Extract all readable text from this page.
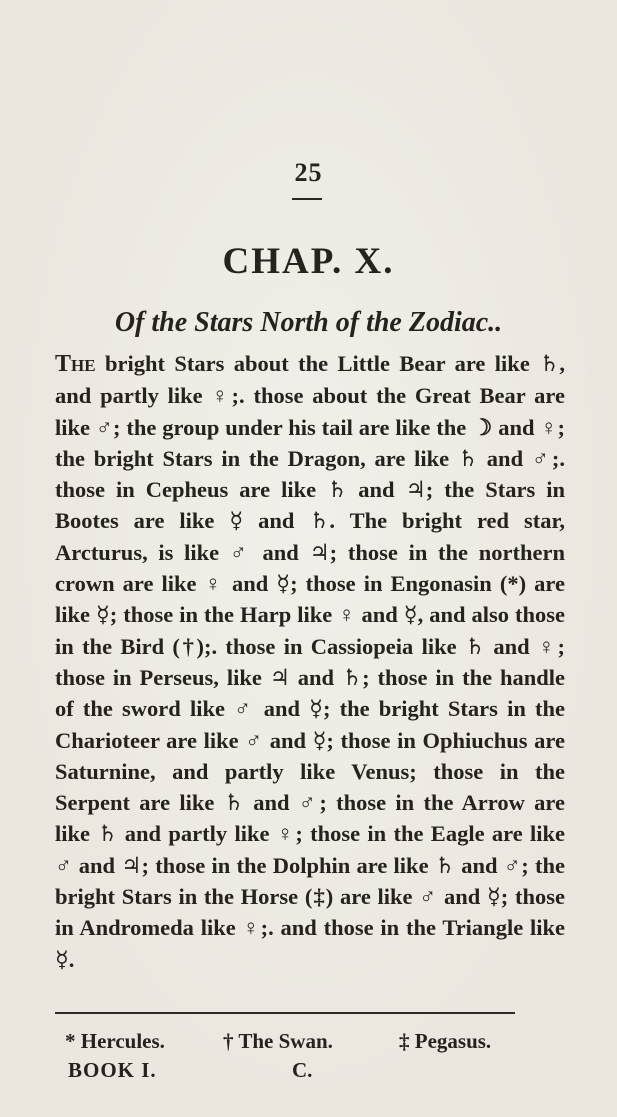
25
CHAP. X.
Of the Stars North of the Zodiac..

The bright Stars about the Little Bear are like ♄, and partly like ♀;. those about the Great Bear are like ♂; the group under his tail are like the ☽ and ♀; the bright Stars in the Dragon, are like ♄ and ♂;. those in Cepheus are like ♄ and ♃; the Stars in Bootes are like ☿ and ♄. The bright red star, Arcturus, is like ♂ and ♃; those in the northern crown are like ♀ and ☿; those in Engonasin (*) are like ☿; those in the Harp like ♀ and ☿, and also those in the Bird (†);. those in Cassiopeia like ♄ and ♀; those in Perseus, like ♃ and ♄; those in the handle of the sword like ♂ and ☿; the bright Stars in the Charioteer are like ♂ and ☿; those in Ophiuchus are Saturnine, and partly like Venus; those in the Serpent are like ♄ and ♂; those in the Arrow are like ♄ and partly like ♀; those in the Eagle are like ♂ and ♃; those in the Dolphin are like ♄ and ♂; the bright Stars in the Horse (‡) are like ♂ and ☿; those in Andromeda like ♀;. and those in the Triangle like ☿.

* Hercules.	† The Swan.	‡ Pegasus.
BOOK I.	C.
